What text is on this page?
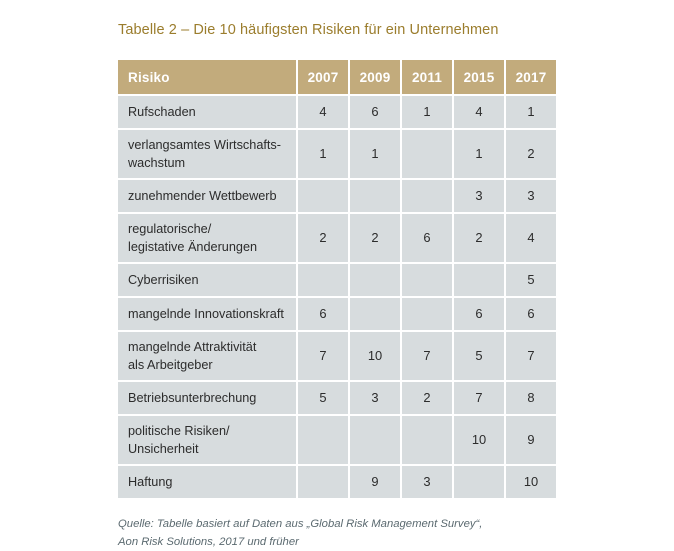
Tabelle 2 – Die 10 häufigsten Risiken für ein Unternehmen
Risiko	2007	2009	2011	2015	2017
Rufschaden	4	6	1	4	1
verlangsamtes Wirtschafts-
wachstum	1	1		1	2
zunehmender Wettbewerb				3	3
regulatorische/
legistative Änderungen	2	2	6	2	4
Cyberrisiken					5
mangelnde Innovationskraft	6			6	6
mangelnde Attraktivität
als Arbeitgeber	7	10	7	5	7
Betriebsunterbrechung	5	3	2	7	8
politische Risiken/
Unsicherheit				10	9
Haftung		9	3		10
Quelle: Tabelle basiert auf Daten aus „Global Risk Management Survey“,
Aon Risk Solutions, 2017 und früher
